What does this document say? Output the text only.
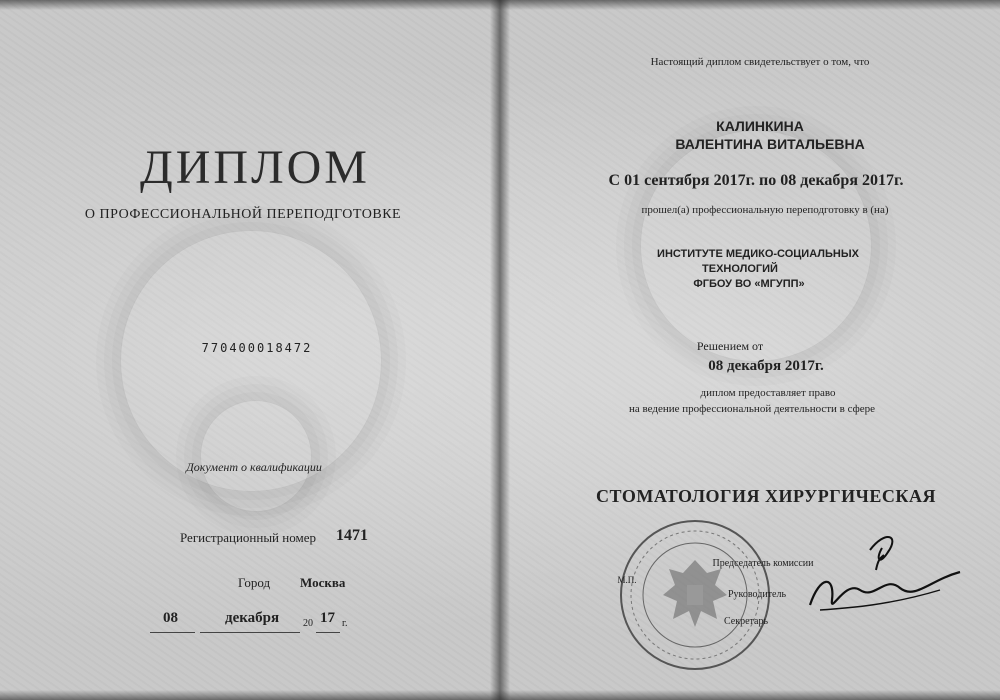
ДИПЛОМ
О ПРОФЕССИОНАЛЬНОЙ ПЕРЕПОДГОТОВКЕ
770400018472
Документ о квалификации
Регистрационный номер 1471
Город Москва
08	декабря 20 17 г.
Настоящий диплом свидетельствует о том, что
КАЛИНКИНА
ВАЛЕНТИНА ВИТАЛЬЕВНА
С 01 сентября 2017г. по 08 декабря 2017г.
прошел(а) профессиональную переподготовку в (на)
ИНСТИТУТЕ МЕДИКО-СОЦИАЛЬНЫХ
ТЕХНОЛОГИЙ
ФГБОУ ВО «МГУПП»
Решением от
08 декабря 2017г.
диплом предоставляет право
на ведение профессиональной деятельности в сфере
СТОМАТОЛОГИЯ ХИРУРГИЧЕСКАЯ
Председатель комиссии
Руководитель
Секретарь
М.П.
